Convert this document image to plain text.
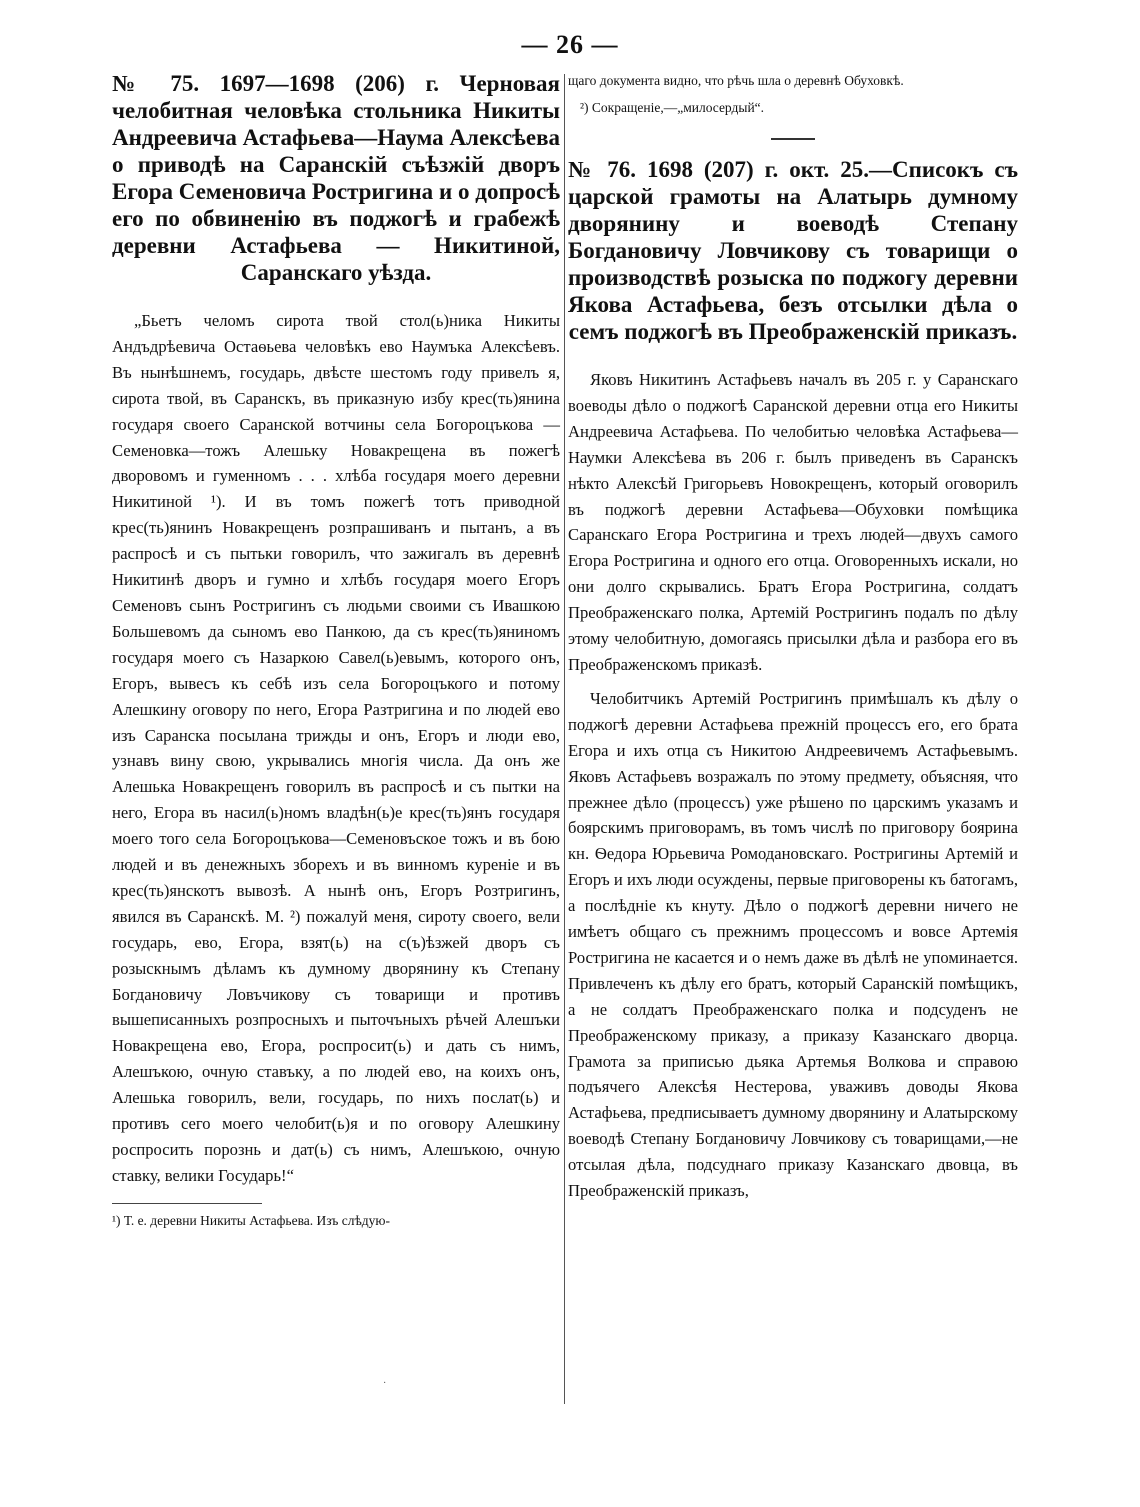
— 26 —
№ 75. 1697—1698 (206) г. Черновая челобитная человѣка стольника Никиты Андреевича Астафьева—Наума Алексѣева о приводѣ на Саранскій съѣзжій дворъ Егора Семеновича Ростригина и о допросѣ его по обвиненію въ поджогѣ и грабежѣ деревни Астафьева — Никитиной, Саранскаго уѣзда.

„Бьетъ челомъ сирота твой стол(ь)ника Никиты Андъдрѣевича Остаѳьева человѣкъ ево Наумъка Алексѣевъ. Въ нынѣшнемъ, государь, двѣсте шестомъ году привелъ я, сирота твой, въ Саранскъ, въ приказную избу крес(ть)янина государя своего Саранской вотчины села Богороцъкова —Семеновка—тожъ Алешьку Новакрещена въ пожегѣ дворовомъ и гуменномъ . . . хлѣба государя моего деревни Никитиной ¹). И въ томъ пожегѣ тотъ приводной крес(ть)янинъ Новакрещенъ розпрашиванъ и пытанъ, а въ распросѣ и съ пытьки говорилъ, что зажигалъ въ деревнѣ Никитинѣ дворъ и гумно и хлѣбъ государя моего Егоръ Семеновъ сынъ Ростригинъ съ людьми своими съ Ивашкою Большевомъ да сыномъ ево Панкою, да съ крес(ть)яниномъ государя моего съ Назаркою Савел(ь)евымъ, которого онъ, Егоръ, вывесъ къ себѣ изъ села Богороцъкого и потому Алешкину оговору по него, Егора Разтригина и по людей ево изъ Саранска посылана трижды и онъ, Егоръ и люди ево, узнавъ вину свою, укрывались многія числа. Да онъ же Алешька Новакрещенъ говорилъ въ распросѣ и съ пытки на него, Егора въ насил(ь)номъ владѣн(ь)е крес(ть)янъ государя моего того села Богороцъкова—Семеновъское тожъ и въ бою людей и въ денежныхъ зборехъ и въ винномъ куреніе и въ крес(ть)янскотъ вывозѣ. А нынѣ онъ, Егоръ Розтригинъ, явился въ Саранскѣ. М. ²) пожалуй меня, сироту своего, вели государь, ево, Егора, взят(ь) на с(ъ)ѣзжей дворъ съ розыскнымъ дѣламъ къ думному дворянину къ Степану Богдановичу Ловъчикову съ товарищи и противъ вышеписанныхъ розпросныхъ и пыточъныхъ рѣчей Алешъки Новакрещена ево, Егора, роспросит(ь) и дать съ нимъ, Алешъкою, очную ставъку, а по людей ево, на коихъ онъ, Алешька говорилъ, вели, государь, по нихъ послат(ь) и противъ сего моего челобит(ь)я и по оговору Алешкину роспросить порознь и дат(ь) съ нимъ, Алешъкою, очную ставку, велики Государь!“

¹) Т. е. деревни Никиты Астафьева. Изъ слѣдую-

щаго документа видно, что рѣчь шла о деревнѣ Обуховкѣ.

²) Сокращеніе,—„милосердый“.

№ 76. 1698 (207) г. окт. 25.—Списокъ съ царской грамоты на Алатырь думному дворянину и воеводѣ Степану Богдановичу Ловчикову съ товарищи о производствѣ розыска по поджогу деревни Якова Астафьева, безъ отсылки дѣла о семъ поджогѣ въ Преображенскій приказъ.

Яковъ Никитинъ Астафьевъ началъ въ 205 г. у Саранскаго воеводы дѣло о поджогѣ Саранской деревни отца его Никиты Андреевича Астафьева. По челобитью человѣка Астафьева—Наумки Алексѣева въ 206 г. былъ приведенъ въ Саранскъ нѣкто Алексѣй Григорьевъ Новокрещенъ, который оговорилъ въ поджогѣ деревни Астафьева—Обуховки помѣщика Саранскаго Егора Ростригина и трехъ людей—двухъ самого Егора Ростригина и одного его отца. Оговоренныхъ искали, но они долго скрывались. Братъ Егора Ростригина, солдатъ Преображенскаго полка, Артемій Ростригинъ подалъ по дѣлу этому челобитную, домогаясь присылки дѣла и разбора его въ Преображенскомъ приказѣ.

Челобитчикъ Артемій Ростригинъ примѣшалъ къ дѣлу о поджогѣ деревни Астафьева прежній процессъ его, его брата Егора и ихъ отца съ Никитою Андреевичемъ Астафьевымъ. Яковъ Астафьевъ возражалъ по этому предмету, объясняя, что прежнее дѣло (процессъ) уже рѣшено по царскимъ указамъ и боярскимъ приговорамъ, въ томъ числѣ по приговору боярина кн. Ѳедора Юрьевича Ромодановскаго. Ростригины Артемій и Егоръ и ихъ люди осуждены, первые приговорены къ батогамъ, а послѣдніе къ кнуту. Дѣло о поджогѣ деревни ничего не имѣетъ общаго съ прежнимъ процессомъ и вовсе Артемія Ростригина не касается и о немъ даже въ дѣлѣ не упоминается. Привлеченъ къ дѣлу его братъ, который Саранскій помѣщикъ, а не солдатъ Преображенскаго полка и подсуденъ не Преображенскому приказу, а приказу Казанскаго дворца. Грамота за приписью дьяка Артемья Волкова и справою подъячего Алексѣя Нестерова, уваживъ доводы Якова Астафьева, предписываетъ думному дворянину и Алатырскому воеводѣ Степану Богдановичу Ловчикову съ товарищами,—не отсылая дѣла, подсуднаго приказу Казанскаго двовца, въ Преображенскій приказъ,

·
